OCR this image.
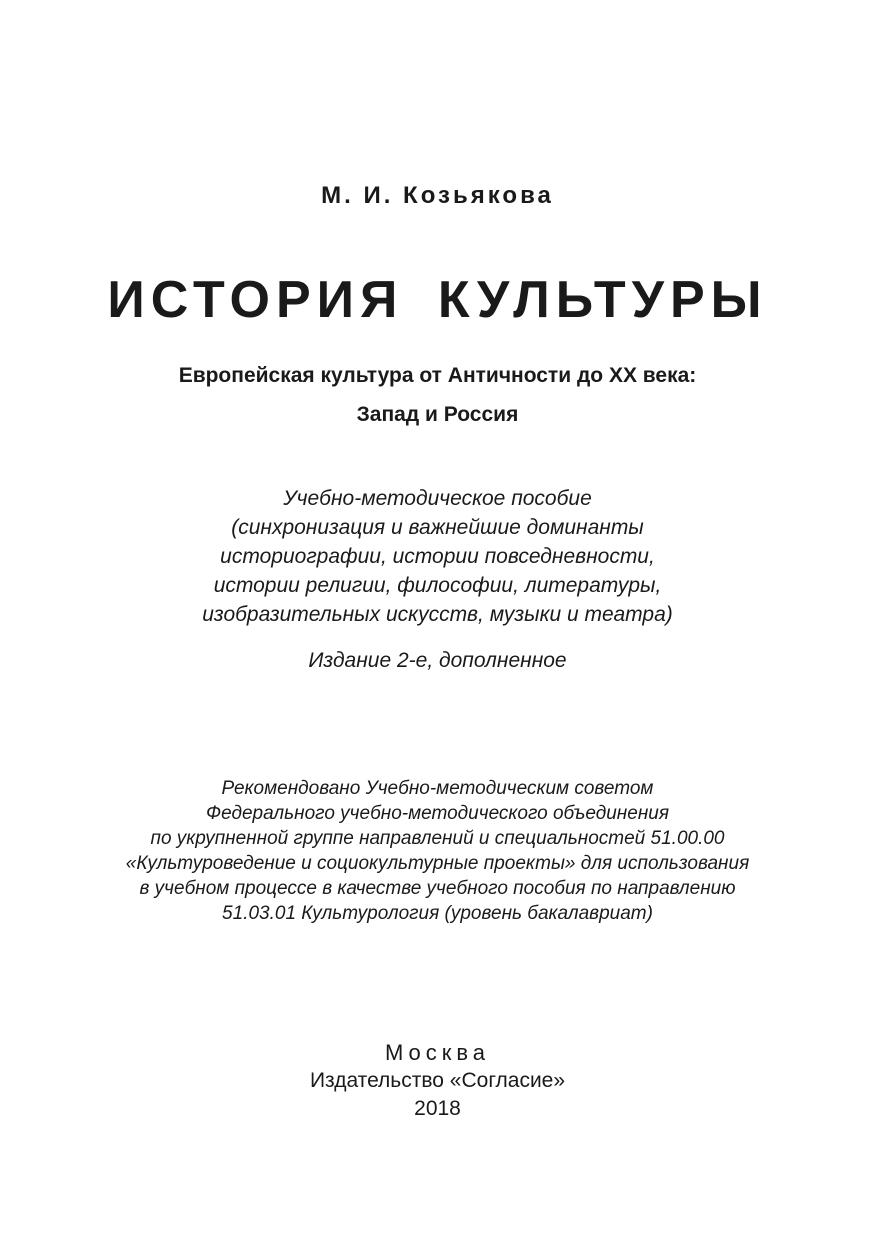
М. И. Козьякова
ИСТОРИЯ КУЛЬТУРЫ
Европейская культура от Античности до ХХ века:
Запад и Россия
Учебно-методическое пособие
(синхронизация и важнейшие доминанты
историографии, истории повседневности,
истории религии, философии, литературы,
изобразительных искусств, музыки и театра)
Издание 2-е, дополненное
Рекомендовано Учебно-методическим советом
Федерального учебно-методического объединения
по укрупненной группе направлений и специальностей 51.00.00
«Культуроведение и социокультурные проекты» для использования
в учебном процессе в качестве учебного пособия по направлению
51.03.01 Культурология (уровень бакалавриат)
Москва
Издательство «Согласие»
2018
